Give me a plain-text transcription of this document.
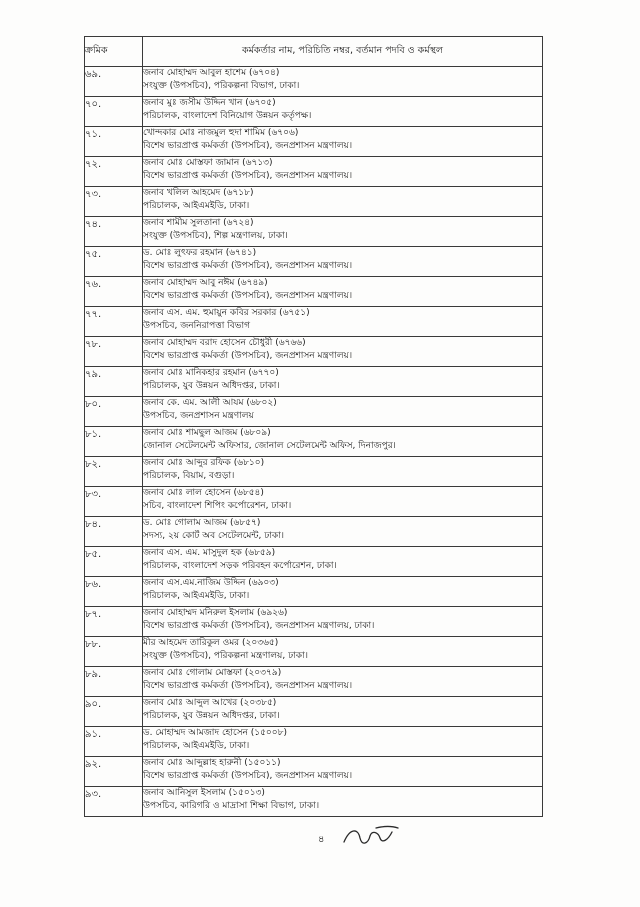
ক্রমিক	কর্মকর্তার নাম, পরিচিতি নম্বর, বর্তমান পদবি ও কর্মস্থল
৬৯.	জনাব মোহাম্মদ আবুল হাশেম (৬৭০৪)
সংযুক্ত (উপসচিব), পরিকল্পনা বিভাগ, ঢাকা।

৭০.	জনাব মুঃ জসীম উদ্দিন খান (৬৭০৫)
পরিচালক, বাংলাদেশ বিনিয়োগ উন্নয়ন কর্তৃপক্ষ।

৭১.	খোন্দকার মোঃ নাজমুল হুদা শামিম (৬৭০৬)
বিশেষ ভারপ্রাপ্ত কর্মকর্তা (উপসচিব), জনপ্রশাসন মন্ত্রণালয়।

৭২.	জনাব মোঃ মোস্তফা জামান (৬৭১৩)
বিশেষ ভারপ্রাপ্ত কর্মকর্তা (উপসচিব), জনপ্রশাসন মন্ত্রণালয়।

৭৩.	জনাব খলিল আহমেদ (৬৭১৮)
পরিচালক, আইএমইডি, ঢাকা।

৭৪.	জনাব শামীম সুলতানা (৬৭২৪)
সংযুক্ত (উপসচিব), শিল্প মন্ত্রণালয়, ঢাকা।

৭৫.	ড. মোঃ লুৎফর রহমান (৬৭৪১)
বিশেষ ভারপ্রাপ্ত কর্মকর্তা (উপসচিব), জনপ্রশাসন মন্ত্রণালয়।

৭৬.	জনাব মোহাম্মদ আবু নঈম (৬৭৪৯)
বিশেষ ভারপ্রাপ্ত কর্মকর্তা (উপসচিব), জনপ্রশাসন মন্ত্রণালয়।

৭৭.	জনাব এস. এম. হুমায়ুন কবির সরকার (৬৭৫১)
উপসচিব, জননিরাপত্তা বিভাগ

৭৮.	জনাব মোহাম্মদ বরাদ হোসেন চৌধুরী (৬৭৬৬)
বিশেষ ভারপ্রাপ্ত কর্মকর্তা (উপসচিব), জনপ্রশাসন মন্ত্রণালয়।

৭৯.	জনাব মোঃ মানিকহার রহমান (৬৭৭০)
পরিচালক, যুব উন্নয়ন অধিদপ্তর, ঢাকা।

৮০.	জনাব কে. এম. আলী আযম (৬৮০২)
উপসচিব, জনপ্রশাসন মন্ত্রণালয়

৮১.	জনাব মোঃ শামছুল আজম (৬৮০৯)
জোনাল সেটেলমেন্ট অফিসার, জোনাল সেটেলমেন্ট অফিস, দিনাজপুর।

৮২.	জনাব মোঃ আব্দুর রফিক (৬৮১০)
পরিচালক, বিয়াম, বগুড়া।

৮৩.	জনাব মোঃ লাল হোসেন (৬৮৫৪)
সচিব, বাংলাদেশ শিপিং কর্পোরেশন, ঢাকা।

৮৪.	ড. মোঃ গোলাম আজম (৬৮৫৭)
সদস্য, ২য় কোর্ট অব সেটেলমেন্ট, ঢাকা।

৮৫.	জনাব এস. এম. মাসুদুল হক (৬৮৫৯)
পরিচালক, বাংলাদেশ সড়ক পরিবহন কর্পোরেশন, ঢাকা।

৮৬.	জনাব এস.এম.নাজিম উদ্দিন (৬৯০৩)
পরিচালক, আইএমইডি, ঢাকা।

৮৭.	জনাব মোহাম্মদ মনিরুল ইসলাম (৬৯২৬)
বিশেষ ভারপ্রাপ্ত কর্মকর্তা (উপসচিব), জনপ্রশাসন মন্ত্রণালয়, ঢাকা।

৮৮.	মীর আহমেদ তারিকুল ওমর (২০৩৬৫)
সংযুক্ত (উপসচিব), পরিকল্পনা মন্ত্রণালয়, ঢাকা।

৮৯.	জনাব মোঃ গোলাম মোস্তফা (২০৩৭৯)
বিশেষ ভারপ্রাপ্ত কর্মকর্তা (উপসচিব), জনপ্রশাসন মন্ত্রণালয়।

৯০.	জনাব মোঃ আব্দুল আখের (২০৩৮৫)
পরিচালক, যুব উন্নয়ন অধিদপ্তর, ঢাকা।

৯১.	ড. মোহাম্মদ আমজাদ হোসেন (১৫০০৮)
পরিচালক, আইএমইডি, ঢাকা।

৯২.	জনাব মোঃ আব্দুল্লাহ হারুনী (১৫০১১)
বিশেষ ভারপ্রাপ্ত কর্মকর্তা (উপসচিব), জনপ্রশাসন মন্ত্রণালয়।

৯৩.	জনাব আনিসুল ইসলাম (১৫০১৩)
উপসচিব, কারিগরি ও মাদ্রাসা শিক্ষা বিভাগ, ঢাকা।
৪
